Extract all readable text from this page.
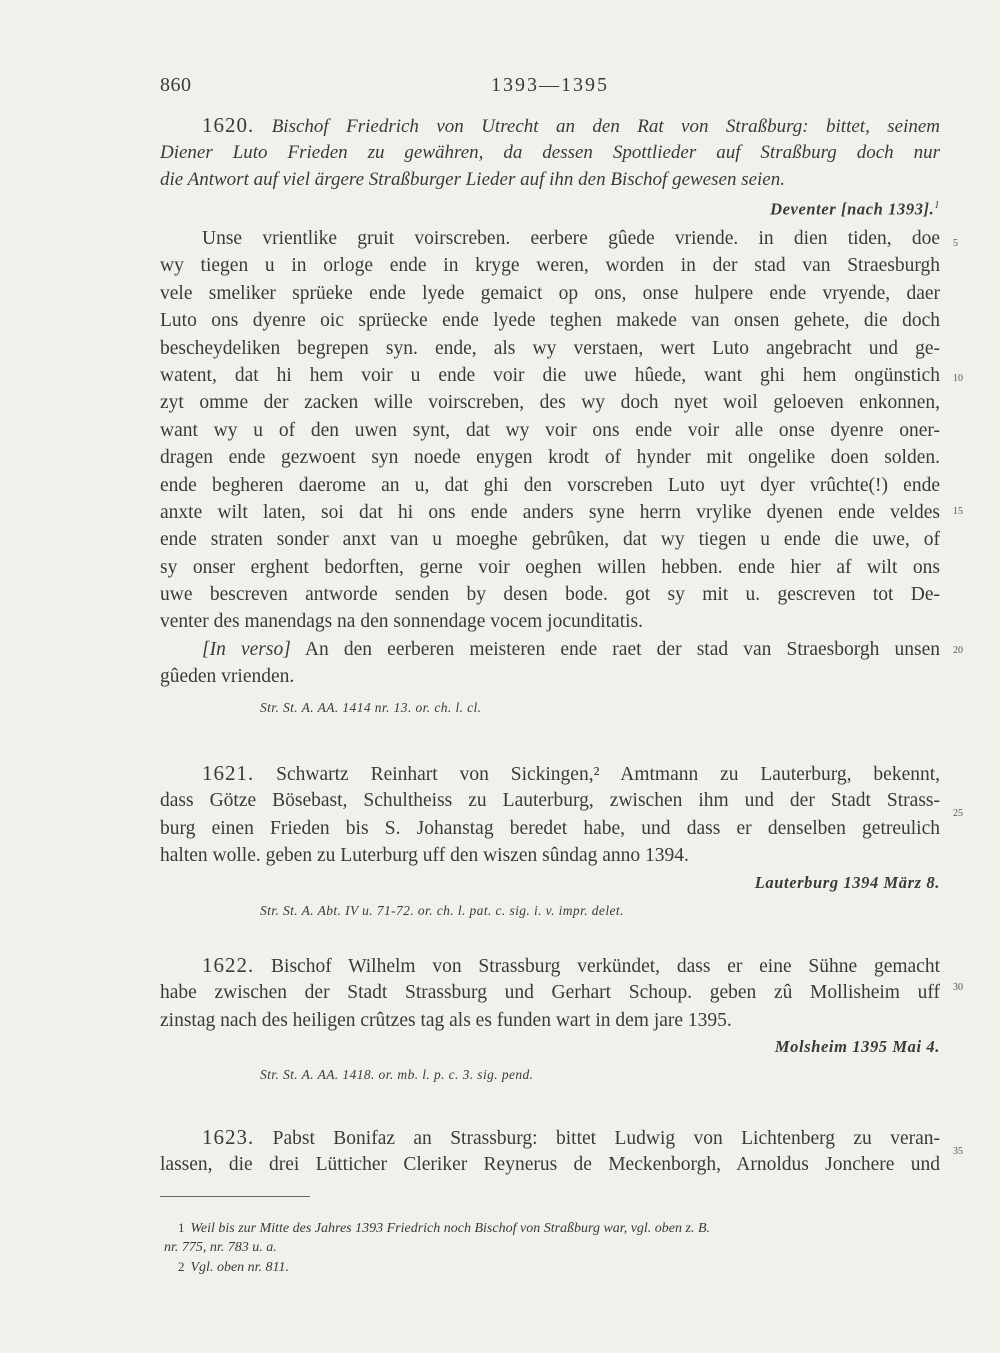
860	1393—1395
1620. Bischof Friedrich von Utrecht an den Rat von Straßburg: bittet, seinem
Diener Luto Frieden zu gewähren, da dessen Spottlieder auf Straßburg doch nur
die Antwort auf viel ärgere Straßburger Lieder auf ihn den Bischof gewesen seien.
Deventer [nach 1393].$^1$
Unse vrientlike gruit voirscreben. eerbere gûede vriende. in dien tiden, doe
wy tiegen u in orloge ende in kryge weren, worden in der stad van Straesburgh
vele smeliker sprüeke ende lyede gemaict op ons, onse hulpere ende vryende, daer
Luto ons dyenre oic sprüecke ende lyede teghen makede van onsen gehete, die doch
bescheydeliken begrepen syn. ende, als wy verstaen, wert Luto angebracht und ge-
watent, dat hi hem voir u ende voir die uwe hûede, want ghi hem ongünstich
zyt omme der zacken wille voirscreben, des wy doch nyet woil geloeven enkonnen,
want wy u of den uwen synt, dat wy voir ons ende voir alle onse dyenre oner-
dragen ende gezwoent syn noede enygen krodt of hynder mit ongelike doen solden.
ende begheren daerome an u, dat ghi den vorscreben Luto uyt dyer vrûchte(!) ende
anxte wilt laten, soi dat hi ons ende anders syne herrn vrylike dyenen ende veldes
ende straten sonder anxt van u moeghe gebrûken, dat wy tiegen u ende die uwe, of
sy onser erghent bedorften, gerne voir oeghen willen hebben. ende hier af wilt ons
uwe bescreven antworde senden by desen bode. got sy mit u. gescreven tot De-
venter des manendags na den sonnendage vocem jocunditatis.
[In verso] An den eerberen meisteren ende raet der stad van Straesborgh unsen
gûeden vrienden.
Str. St. A. AA. 1414 nr. 13. or. ch. l. cl.
1621. Schwartz Reinhart von Sickingen,² Amtmann zu Lauterburg, bekennt,
dass Götze Bösebast, Schultheiss zu Lauterburg, zwischen ihm und der Stadt Strass-
burg einen Frieden bis S. Johanstag beredet habe, und dass er denselben getreulich
halten wolle. geben zu Luterburg uff den wiszen sûndag anno 1394.
Lauterburg 1394 März 8.
Str. St. A. Abt. IV u. 71-72. or. ch. l. pat. c. sig. i. v. impr. delet.
1622. Bischof Wilhelm von Strassburg verkündet, dass er eine Sühne gemacht
habe zwischen der Stadt Strassburg und Gerhart Schoup. geben zû Mollisheim uff
zinstag nach des heiligen crûtzes tag als es funden wart in dem jare 1395.
Molsheim 1395 Mai 4.
Str. St. A. AA. 1418. or. mb. l. p. c. 3. sig. pend.
1623. Pabst Bonifaz an Strassburg: bittet Ludwig von Lichtenberg zu veran-
lassen, die drei Lütticher Cleriker Reynerus de Meckenborgh, Arnoldus Jonchere und
5
10
15
20
25
30
35
1 Weil bis zur Mitte des Jahres 1393 Friedrich noch Bischof von Straßburg war, vgl. oben z. B.
nr. 775, nr. 783 u. a.
2 Vgl. oben nr. 811.
